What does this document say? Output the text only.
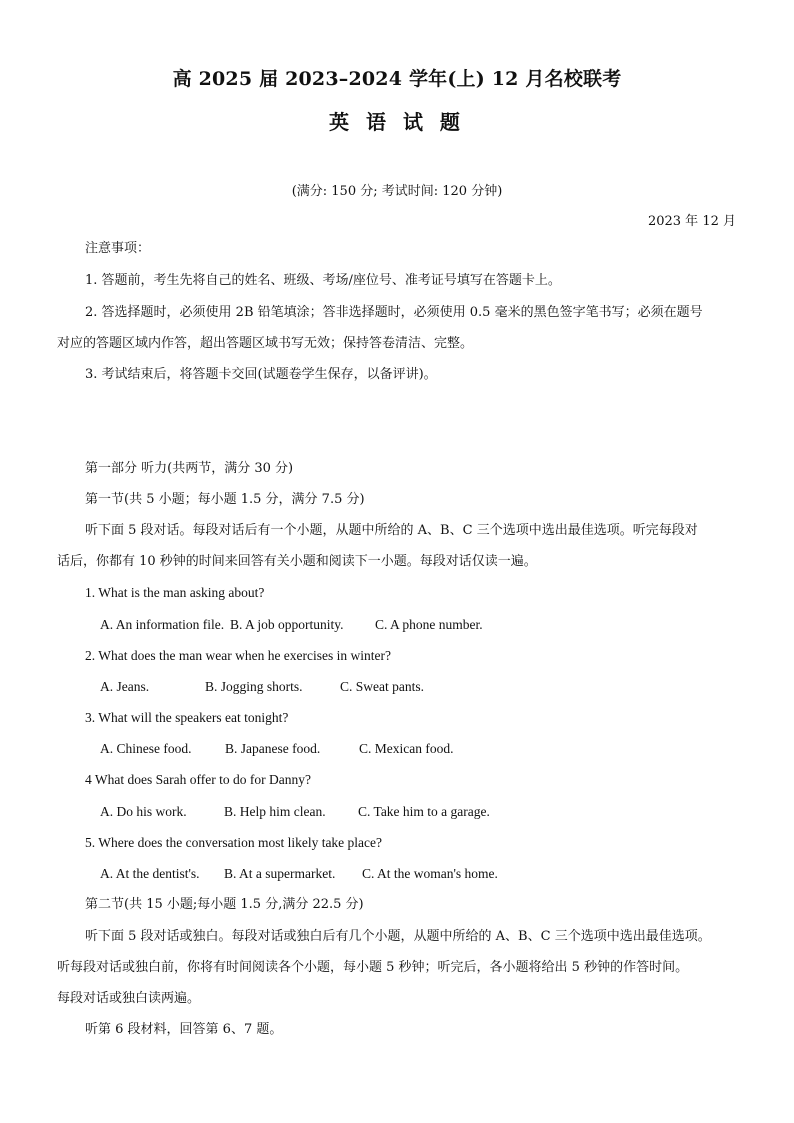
高 2025 届 2023–2024 学年(上) 12 月名校联考
英 语 试 题
(满分: 150 分; 考试时间: 120 分钟)
2023 年 12 月
注意事项：
1. 答题前，考生先将自己的姓名、班级、考场/座位号、准考证号填写在答题卡上。
2. 答选择题时，必须使用 2B 铅笔填涂；答非选择题时，必须使用 0.5 毫米的黑色签字笔书写；必须在题号
对应的答题区域内作答，超出答题区域书写无效；保持答卷清洁、完整。
3. 考试结束后，将答题卡交回(试题卷学生保存，以备评讲)。
第一部分 听力(共两节，满分 30 分)
第一节(共 5 小题；每小题 1.5 分，满分 7.5 分)
听下面 5 段对话。每段对话后有一个小题，从题中所给的 A、B、C 三个选项中选出最佳选项。听完每段对
话后，你都有 10 秒钟的时间来回答有关小题和阅读下一小题。每段对话仅读一遍。
1. What is the man asking about?
A. An information file. B. A job opportunity. C. A phone number.
2. What does the man wear when he exercises in winter?
A. Jeans.	B. Jogging shorts.	C. Sweat pants.
3. What will the speakers eat tonight?
A. Chinese food. B. Japanese food.	C. Mexican food.
4 What does Sarah offer to do for Danny?
A. Do his work.	B. Help him clean. C. Take him to a garage.
5. Where does the conversation most likely take place?
A. At the dentist's. B. At a supermarket. C. At the woman's home.
第二节(共 15 小题;每小题 1.5 分,满分 22.5 分)
听下面 5 段对话或独白。每段对话或独白后有几个小题，从题中所给的 A、B、C 三个选项中选出最佳选项。
听每段对话或独白前，你将有时间阅读各个小题，每小题 5 秒钟；听完后，各小题将给出 5 秒钟的作答时间。
每段对话或独白读两遍。
听第 6 段材料，回答第 6、7 题。
